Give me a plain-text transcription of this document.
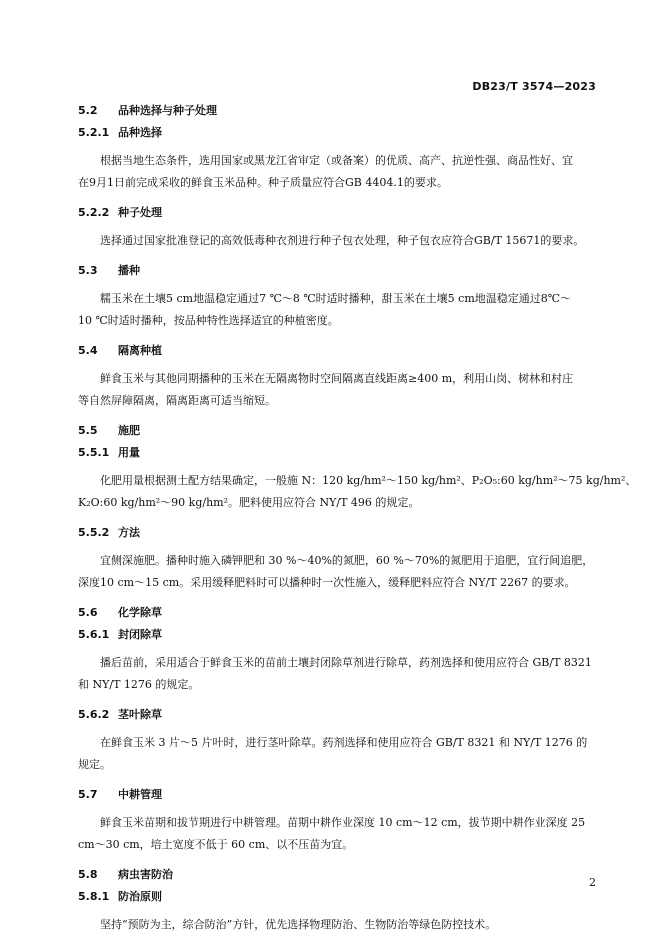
DB23/T 3574—2023
5.2 品种选择与种子处理
5.2.1 品种选择
根据当地生态条件，选用国家或黑龙江省审定（或备案）的优质、高产、抗逆性强、商品性好、宜
在9月1日前完成采收的鲜食玉米品种。种子质量应符合GB 4404.1的要求。
5.2.2 种子处理
选择通过国家批准登记的高效低毒种衣剂进行种子包衣处理，种子包衣应符合GB/T 15671的要求。
5.3 播种
糯玉米在土壤5 cm地温稳定通过7 ℃～8 ℃时适时播种，甜玉米在土壤5 cm地温稳定通过8℃～
10 ℃时适时播种，按品种特性选择适宜的种植密度。
5.4 隔离种植
鲜食玉米与其他同期播种的玉米在无隔离物时空间隔离直线距离≥400 m，利用山岗、树林和村庄
等自然屏障隔离，隔离距离可适当缩短。
5.5 施肥
5.5.1 用量
化肥用量根据测土配方结果确定，一般施 N：120 kg/hm²～150 kg/hm²、P₂O₅:60 kg/hm²～75 kg/hm²、
K₂O:60 kg/hm²～90 kg/hm²。肥料使用应符合 NY/T 496 的规定。
5.5.2 方法
宜侧深施肥。播种时施入磷钾肥和 30 %～40%的氮肥，60 %～70%的氮肥用于追肥，宜行间追肥，
深度10 cm～15 cm。采用缓释肥料时可以播种时一次性施入，缓释肥料应符合 NY/T 2267 的要求。
5.6 化学除草
5.6.1 封闭除草
播后苗前，采用适合于鲜食玉米的苗前土壤封闭除草剂进行除草，药剂选择和使用应符合 GB/T 8321
和 NY/T 1276 的规定。
5.6.2 茎叶除草
在鲜食玉米 3 片～5 片叶时，进行茎叶除草。药剂选择和使用应符合 GB/T 8321 和 NY/T 1276 的
规定。
5.7 中耕管理
鲜食玉米苗期和拔节期进行中耕管理。苗期中耕作业深度 10 cm～12 cm，拔节期中耕作业深度 25
cm～30 cm，培土宽度不低于 60 cm、以不压苗为宜。
5.8 病虫害防治
5.8.1 防治原则
坚持“预防为主，综合防治”方针，优先选择物理防治、生物防治等绿色防控技术。
2
